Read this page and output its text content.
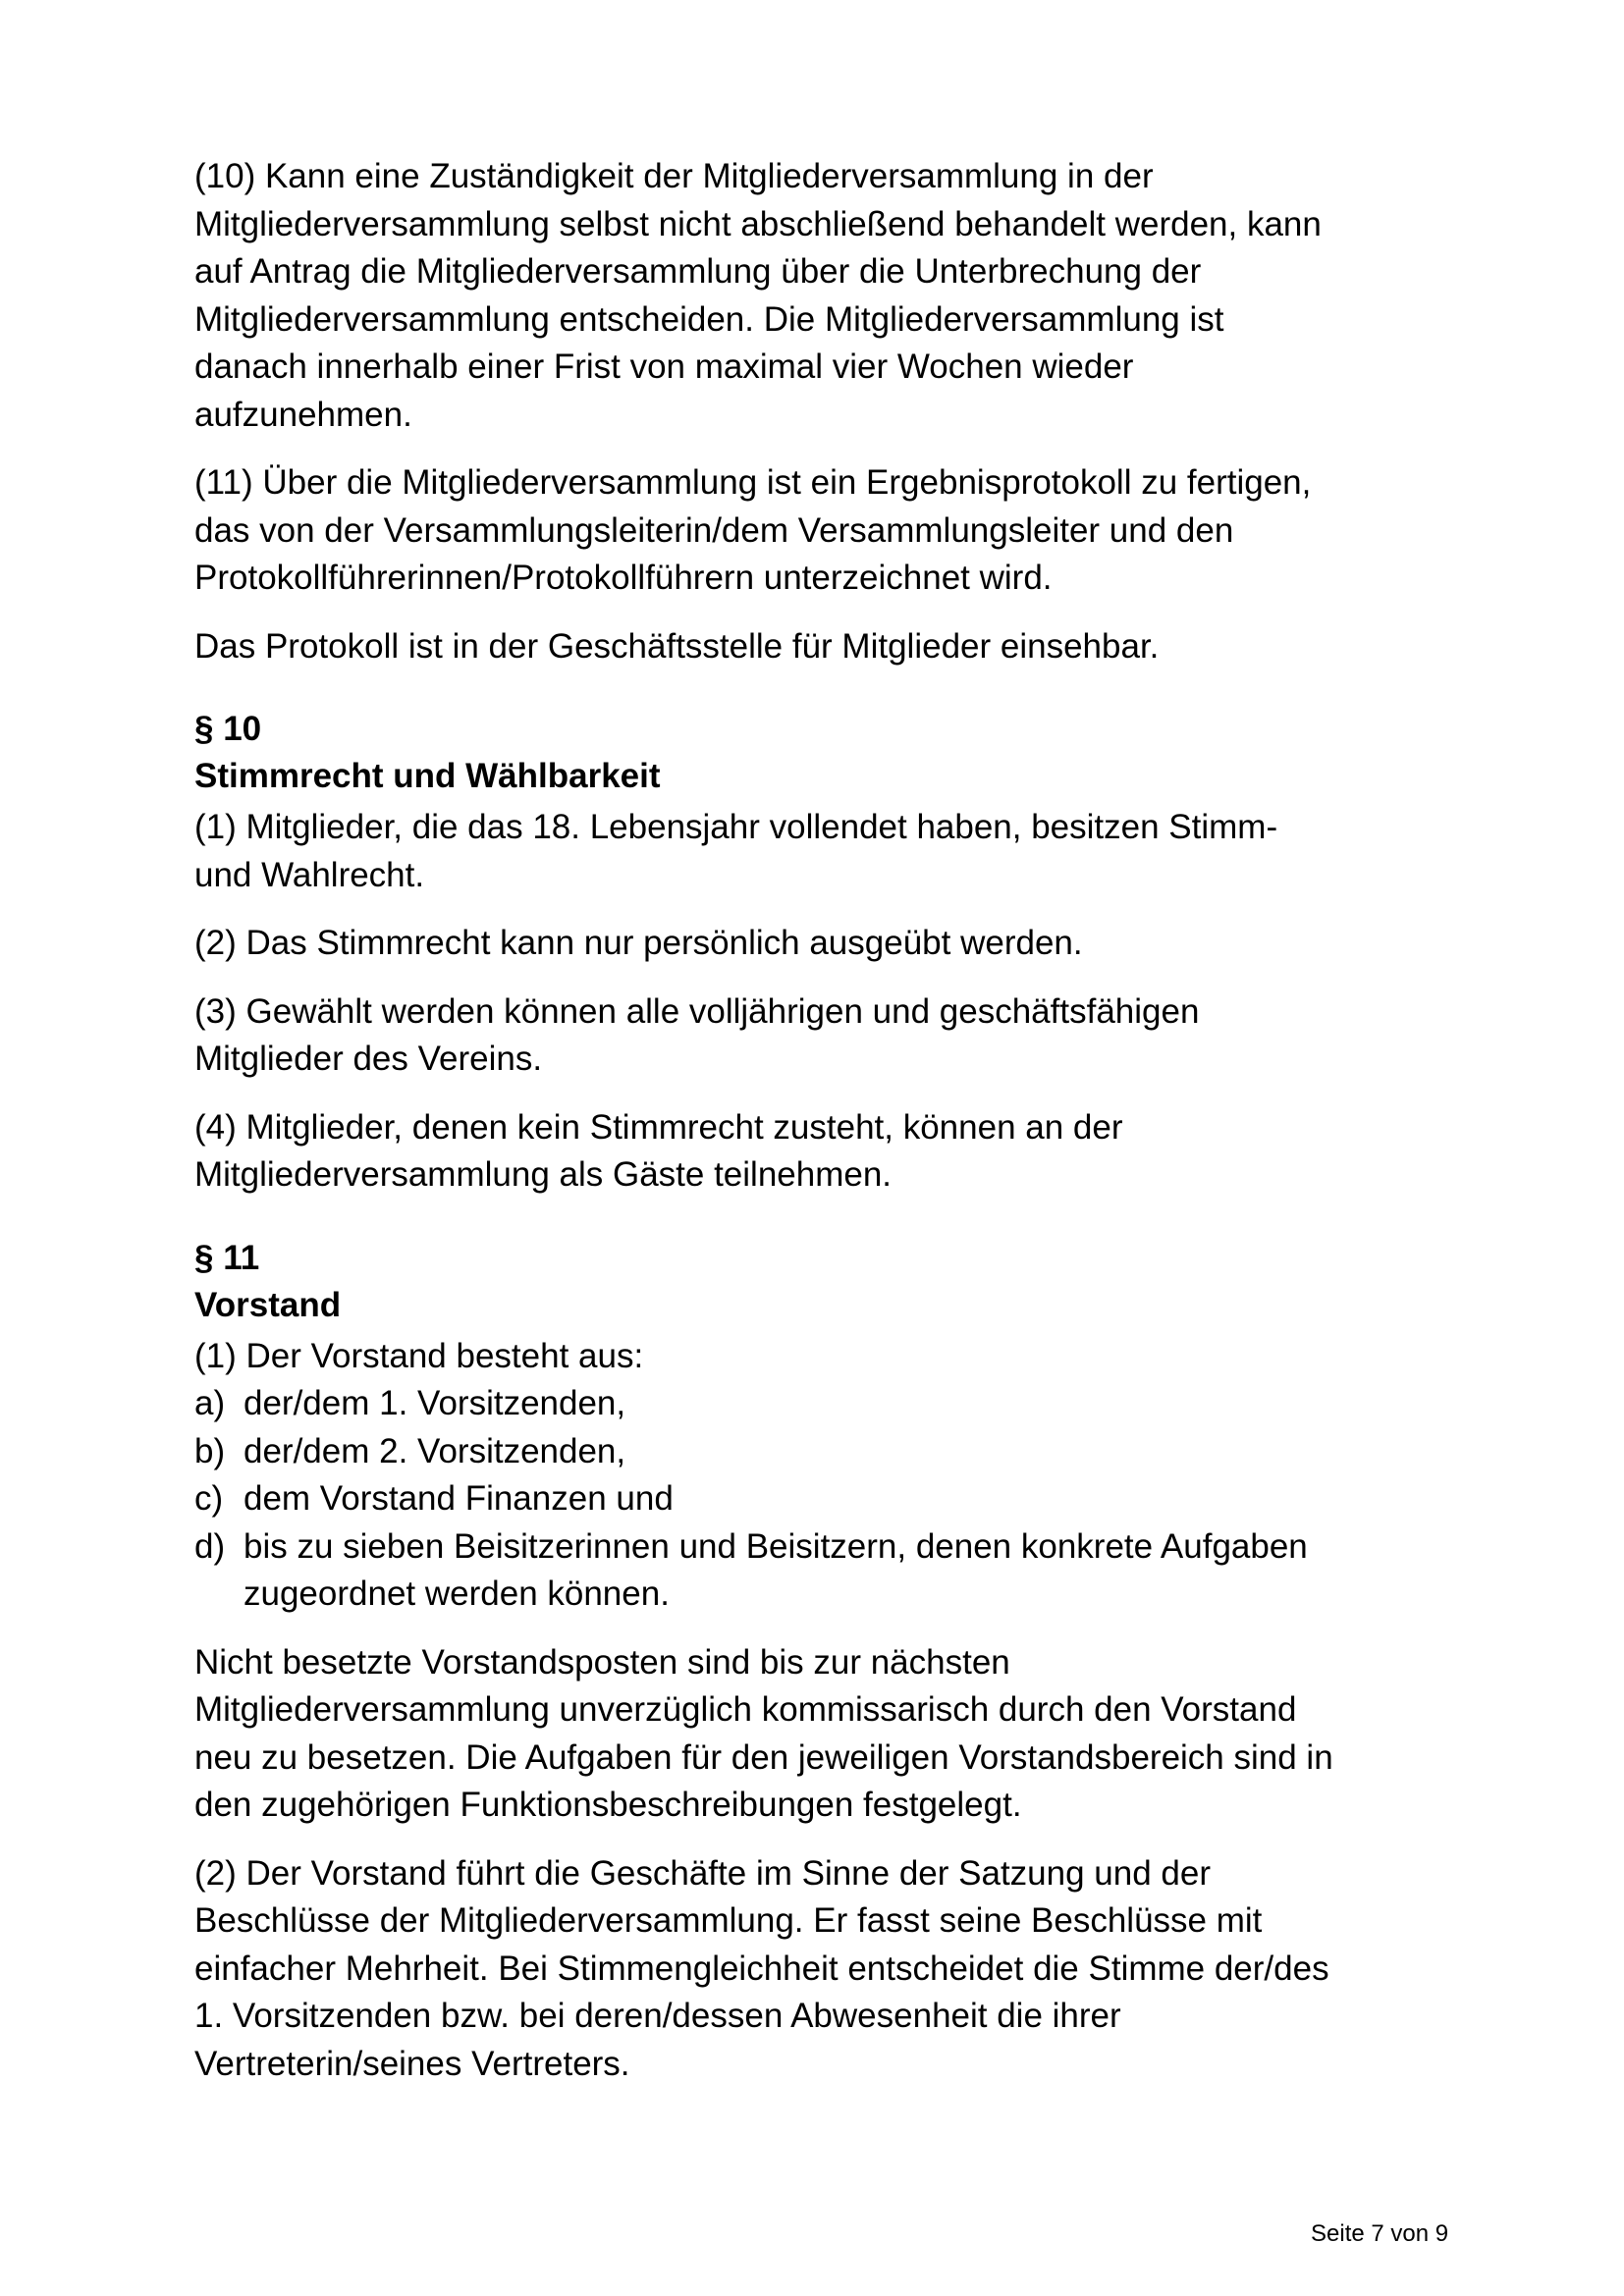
(10) Kann eine Zuständigkeit der Mitgliederversammlung in der
Mitgliederversammlung selbst nicht abschließend behandelt werden, kann
auf Antrag die Mitgliederversammlung über die Unterbrechung der
Mitgliederversammlung entscheiden. Die Mitgliederversammlung ist
danach innerhalb einer Frist von maximal vier Wochen wieder
aufzunehmen.
(11) Über die Mitgliederversammlung ist ein Ergebnisprotokoll zu fertigen,
das von der Versammlungsleiterin/dem Versammlungsleiter und den
Protokollführerinnen/Protokollführern unterzeichnet wird.
Das Protokoll ist in der Geschäftsstelle für Mitglieder einsehbar.
§ 10
Stimmrecht und Wählbarkeit
(1) Mitglieder, die das 18. Lebensjahr vollendet haben, besitzen Stimm-
und Wahlrecht.
(2) Das Stimmrecht kann nur persönlich ausgeübt werden.
(3) Gewählt werden können alle volljährigen und geschäftsfähigen
Mitglieder des Vereins.
(4) Mitglieder, denen kein Stimmrecht zusteht, können an der
Mitgliederversammlung als Gäste teilnehmen.
§ 11
Vorstand
(1) Der Vorstand besteht aus:
a) der/dem 1. Vorsitzenden,
b) der/dem 2. Vorsitzenden,
c) dem Vorstand Finanzen und
d) bis zu sieben Beisitzerinnen und Beisitzern, denen konkrete Aufgaben
zugeordnet werden können.
Nicht besetzte Vorstandsposten sind bis zur nächsten
Mitgliederversammlung unverzüglich kommissarisch durch den Vorstand
neu zu besetzen. Die Aufgaben für den jeweiligen Vorstandsbereich sind in
den zugehörigen Funktionsbeschreibungen festgelegt.
(2) Der Vorstand führt die Geschäfte im Sinne der Satzung und der
Beschlüsse der Mitgliederversammlung. Er fasst seine Beschlüsse mit
einfacher Mehrheit. Bei Stimmengleichheit entscheidet die Stimme der/des
1. Vorsitzenden bzw. bei deren/dessen Abwesenheit die ihrer
Vertreterin/seines Vertreters.
Seite 7 von 9
